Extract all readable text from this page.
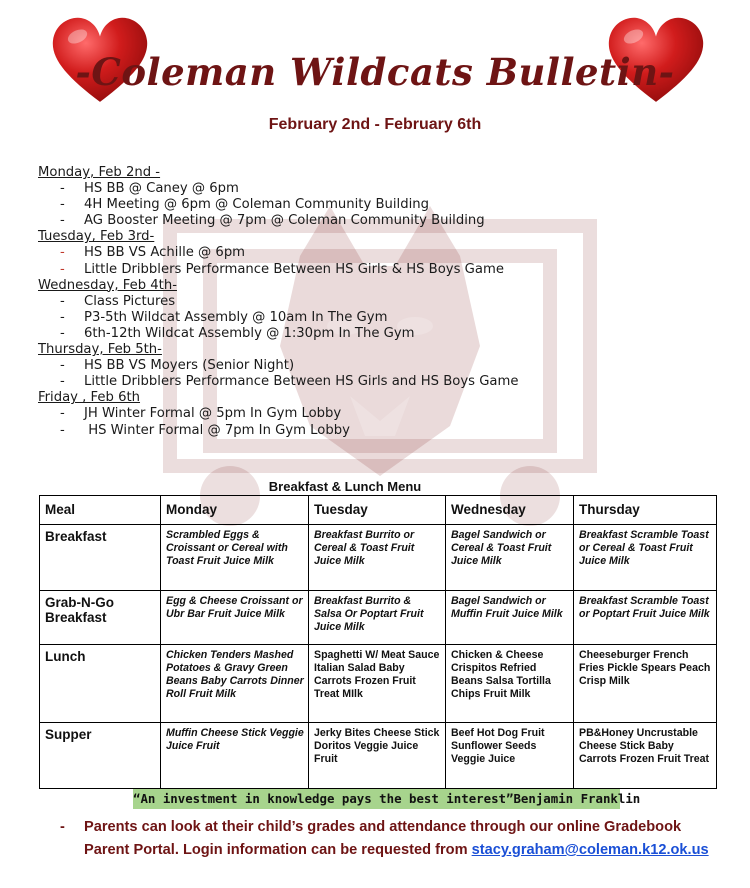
-Coleman Wildcats Bulletin-
February 2nd - February 6th
Monday, Feb 2nd -
- HS BB @ Caney @ 6pm
- 4H Meeting @ 6pm @ Coleman Community Building
- AG Booster Meeting @ 7pm @ Coleman Community Building
Tuesday, Feb 3rd-
- HS BB VS Achille @ 6pm
- Little Dribblers Performance Between HS Girls & HS Boys Game
Wednesday, Feb 4th-
- Class Pictures
- P3-5th Wildcat Assembly @ 10am In The Gym
- 6th-12th Wildcat Assembly @ 1:30pm In The Gym
Thursday, Feb 5th-
- HS BB VS Moyers (Senior Night)
- Little Dribblers Performance Between HS Girls and HS Boys Game
Friday , Feb 6th
- JH Winter Formal @ 5pm In Gym Lobby
- HS Winter Formal @ 7pm In Gym Lobby
Breakfast & Lunch Menu
Meal	Monday	Tuesday	Wednesday	Thursday
Breakfast	Scrambled Eggs & Croissant or Cereal with Toast Fruit Juice Milk	Breakfast Burrito or Cereal & Toast Fruit Juice Milk	Bagel Sandwich or Cereal & Toast Fruit Juice Milk	Breakfast Scramble Toast or Cereal & Toast Fruit Juice Milk
Grab-N-Go Breakfast	Egg & Cheese Croissant or Ubr Bar Fruit Juice Milk	Breakfast Burrito & Salsa Or Poptart Fruit Juice Milk	Bagel Sandwich or Muffin Fruit Juice Milk	Breakfast Scramble Toast or Poptart Fruit Juice Milk
Lunch	Chicken Tenders Mashed Potatoes & Gravy Green Beans Baby Carrots Dinner Roll Fruit Milk	Spaghetti W/ Meat Sauce Italian Salad Baby Carrots Frozen Fruit Treat MIlk	Chicken & Cheese Crispitos Refried Beans Salsa Tortilla Chips Fruit Milk	Cheeseburger French Fries Pickle Spears Peach Crisp Milk
Supper	Muffin Cheese Stick Veggie Juice Fruit	Jerky Bites Cheese Stick Doritos Veggie Juice Fruit	Beef Hot Dog Fruit Sunflower Seeds Veggie Juice	PB&Honey Uncrustable Cheese Stick Baby Carrots Frozen Fruit Treat
“An investment in knowledge pays the best interest”Benjamin Franklin
-	Parents can look at their child’s grades and attendance through our online Gradebook Parent Portal. Login information can be requested from stacy.graham@coleman.k12.ok.us
